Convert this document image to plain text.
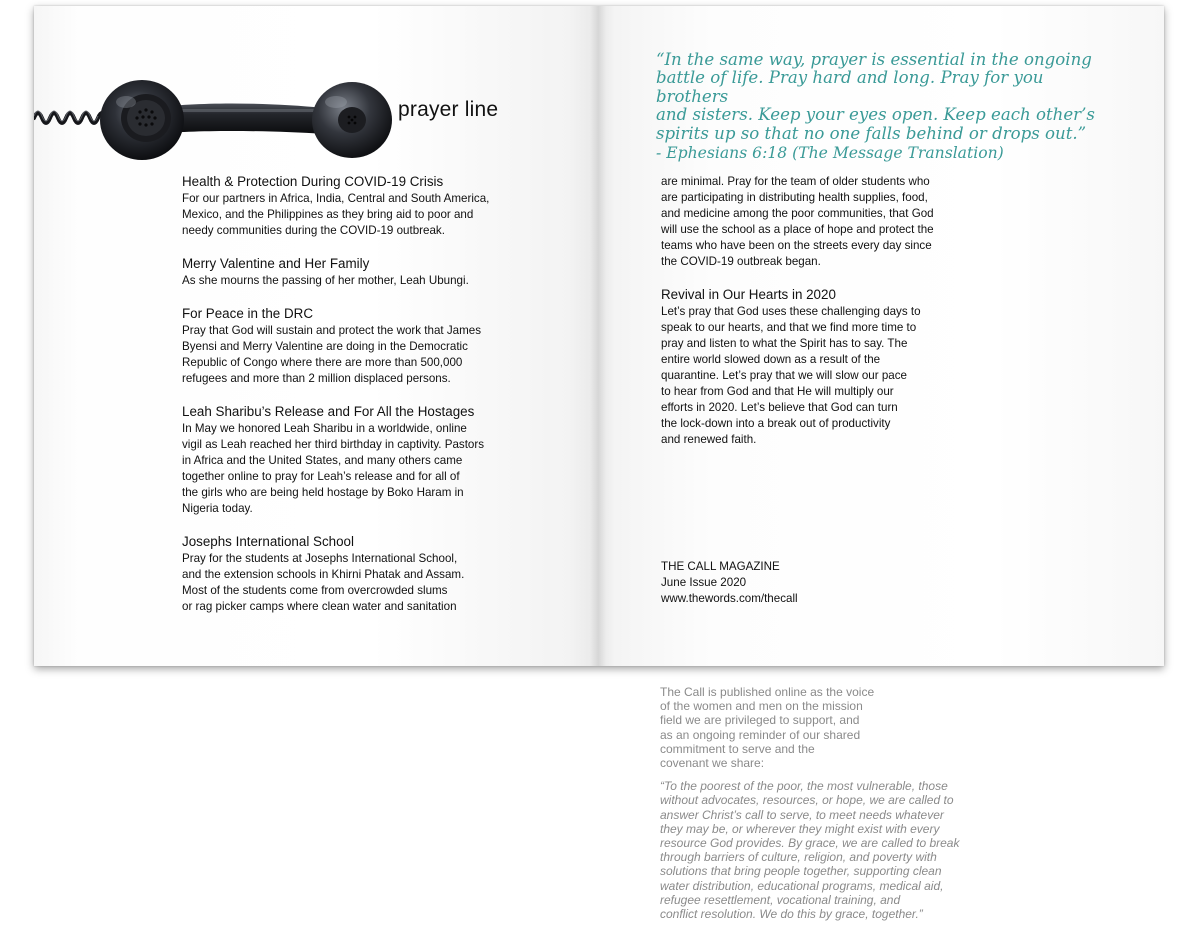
prayer line
Health & Protection During COVID-19 Crisis

For our partners in Africa, India, Central and South America,
Mexico, and the Philippines as they bring aid to poor and
needy communities during the COVID-19 outbreak.

Merry Valentine and Her Family

As she mourns the passing of her mother, Leah Ubungi.

For Peace in the DRC

Pray that God will sustain and protect the work that James
Byensi and Merry Valentine are doing in the Democratic
Republic of Congo where there are more than 500,000
refugees and more than 2 million displaced persons.

Leah Sharibu’s Release and For All the Hostages

In May we honored Leah Sharibu in a worldwide, online
vigil as Leah reached her third birthday in captivity. Pastors
in Africa and the United States, and many others came
together online to pray for Leah’s release and for all of
the girls who are being held hostage by Boko Haram in
Nigeria today.

Josephs International School

Pray for the students at Josephs International School,
and the extension schools in Khirni Phatak and Assam.
Most of the students come from overcrowded slums
or rag picker camps where clean water and sanitation

“In the same way, prayer is essential in the ongoing
battle of life. Pray hard and long. Pray for you brothers
and sisters. Keep your eyes open. Keep each other’s
spirits up so that no one falls behind or drops out.”
- Ephesians 6:18 (The Message Translation)

are minimal. Pray for the team of older students who
are participating in distributing health supplies, food,
and medicine among the poor communities, that God
will use the school as a place of hope and protect the
teams who have been on the streets every day since
the COVID-19 outbreak began.

Revival in Our Hearts in 2020

Let’s pray that God uses these challenging days to
speak to our hearts, and that we find more time to
pray and listen to what the Spirit has to say. The
entire world slowed down as a result of the
quarantine. Let’s pray that we will slow our pace
to hear from God and that He will multiply our
efforts in 2020. Let’s believe that God can turn
the lock-down into a break out of productivity
and renewed faith.

THE CALL MAGAZINE
June Issue 2020
www.thewords.com/thecall

The Call is published online as the voice
of the women and men on the mission
field we are privileged to support, and
as an ongoing reminder of our shared
commitment to serve and the
covenant we share:

“To the poorest of the poor, the most vulnerable, those
without advocates, resources, or hope, we are called to
answer Christ’s call to serve, to meet needs whatever
they may be, or wherever they might exist with every
resource God provides. By grace, we are called to break
through barriers of culture, religion, and poverty with
solutions that bring people together, supporting clean
water distribution, educational programs, medical aid,
refugee resettlement, vocational training, and
conflict resolution. We do this by grace, together.”
